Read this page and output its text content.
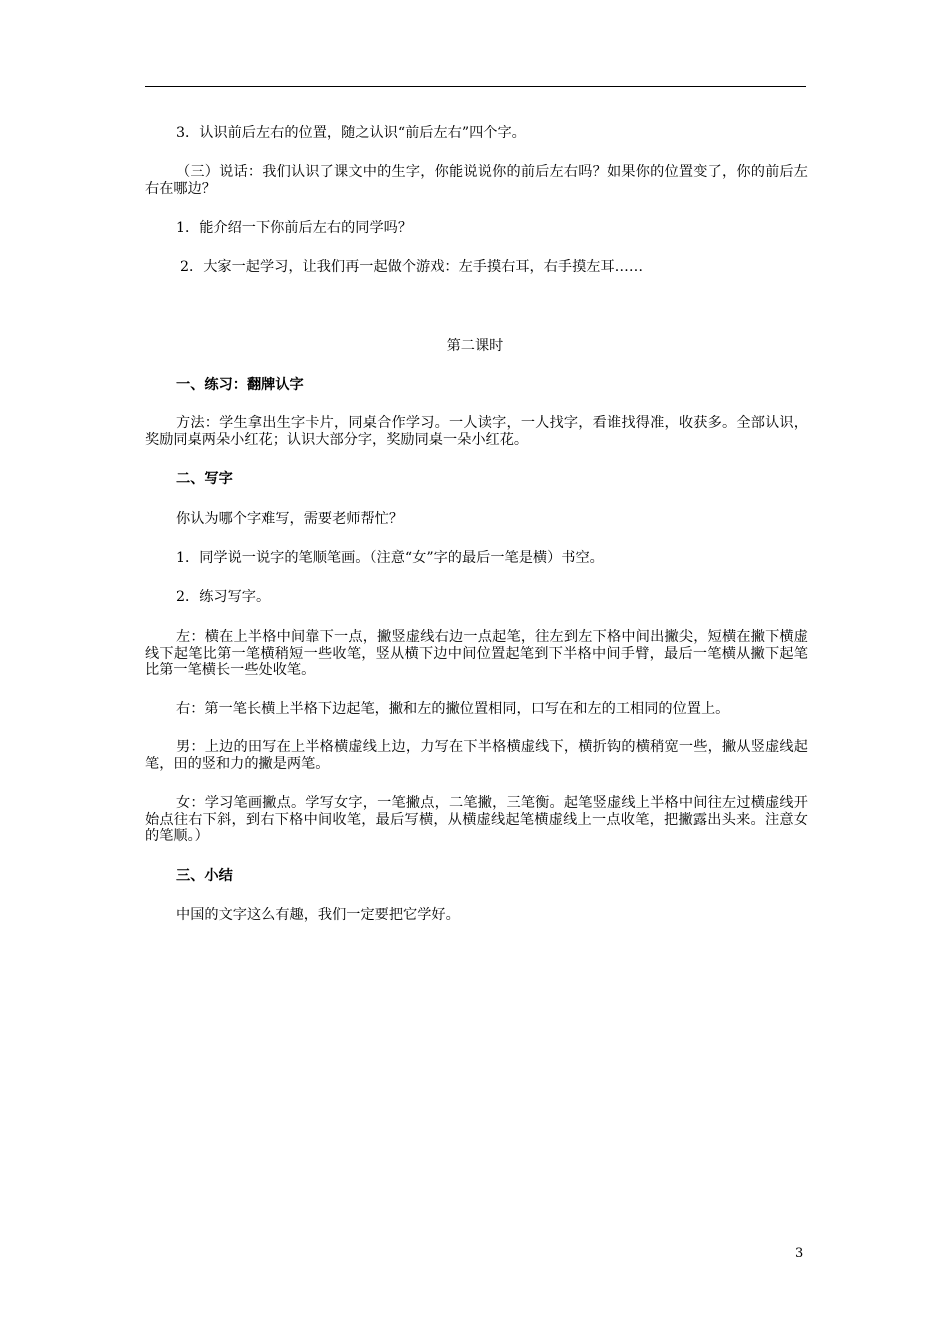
3．认识前后左右的位置，随之认识“前后左右”四个字。
（三）说话：我们认识了课文中的生字，你能说说你的前后左右吗？如果你的位置变了，你的前后左右在哪边？
1．能介绍一下你前后左右的同学吗？
2．大家一起学习，让我们再一起做个游戏：左手摸右耳，右手摸左耳……
第二课时
一、练习：翻牌认字
方法：学生拿出生字卡片，同桌合作学习。一人读字，一人找字，看谁找得准，收获多。全部认识，奖励同桌两朵小红花；认识大部分字，奖励同桌一朵小红花。
二、写字
你认为哪个字难写，需要老师帮忙？
1．同学说一说字的笔顺笔画。（注意“女”字的最后一笔是横）书空。
2．练习写字。
左：横在上半格中间靠下一点，撇竖虚线右边一点起笔，往左到左下格中间出撇尖，短横在撇下横虚线下起笔比第一笔横稍短一些收笔，竖从横下边中间位置起笔到下半格中间手臂，最后一笔横从撇下起笔比第一笔横长一些处收笔。
右：第一笔长横上半格下边起笔，撇和左的撇位置相同，口写在和左的工相同的位置上。
男：上边的田写在上半格横虚线上边，力写在下半格横虚线下，横折钩的横稍宽一些，撇从竖虚线起笔，田的竖和力的撇是两笔。
女：学习笔画撇点。学写女字，一笔撇点，二笔撇，三笔衡。起笔竖虚线上半格中间往左过横虚线开始点往右下斜，到右下格中间收笔，最后写横，从横虚线起笔横虚线上一点收笔，把撇露出头来。注意女的笔顺。）
三、小结
中国的文字这么有趣，我们一定要把它学好。
3
